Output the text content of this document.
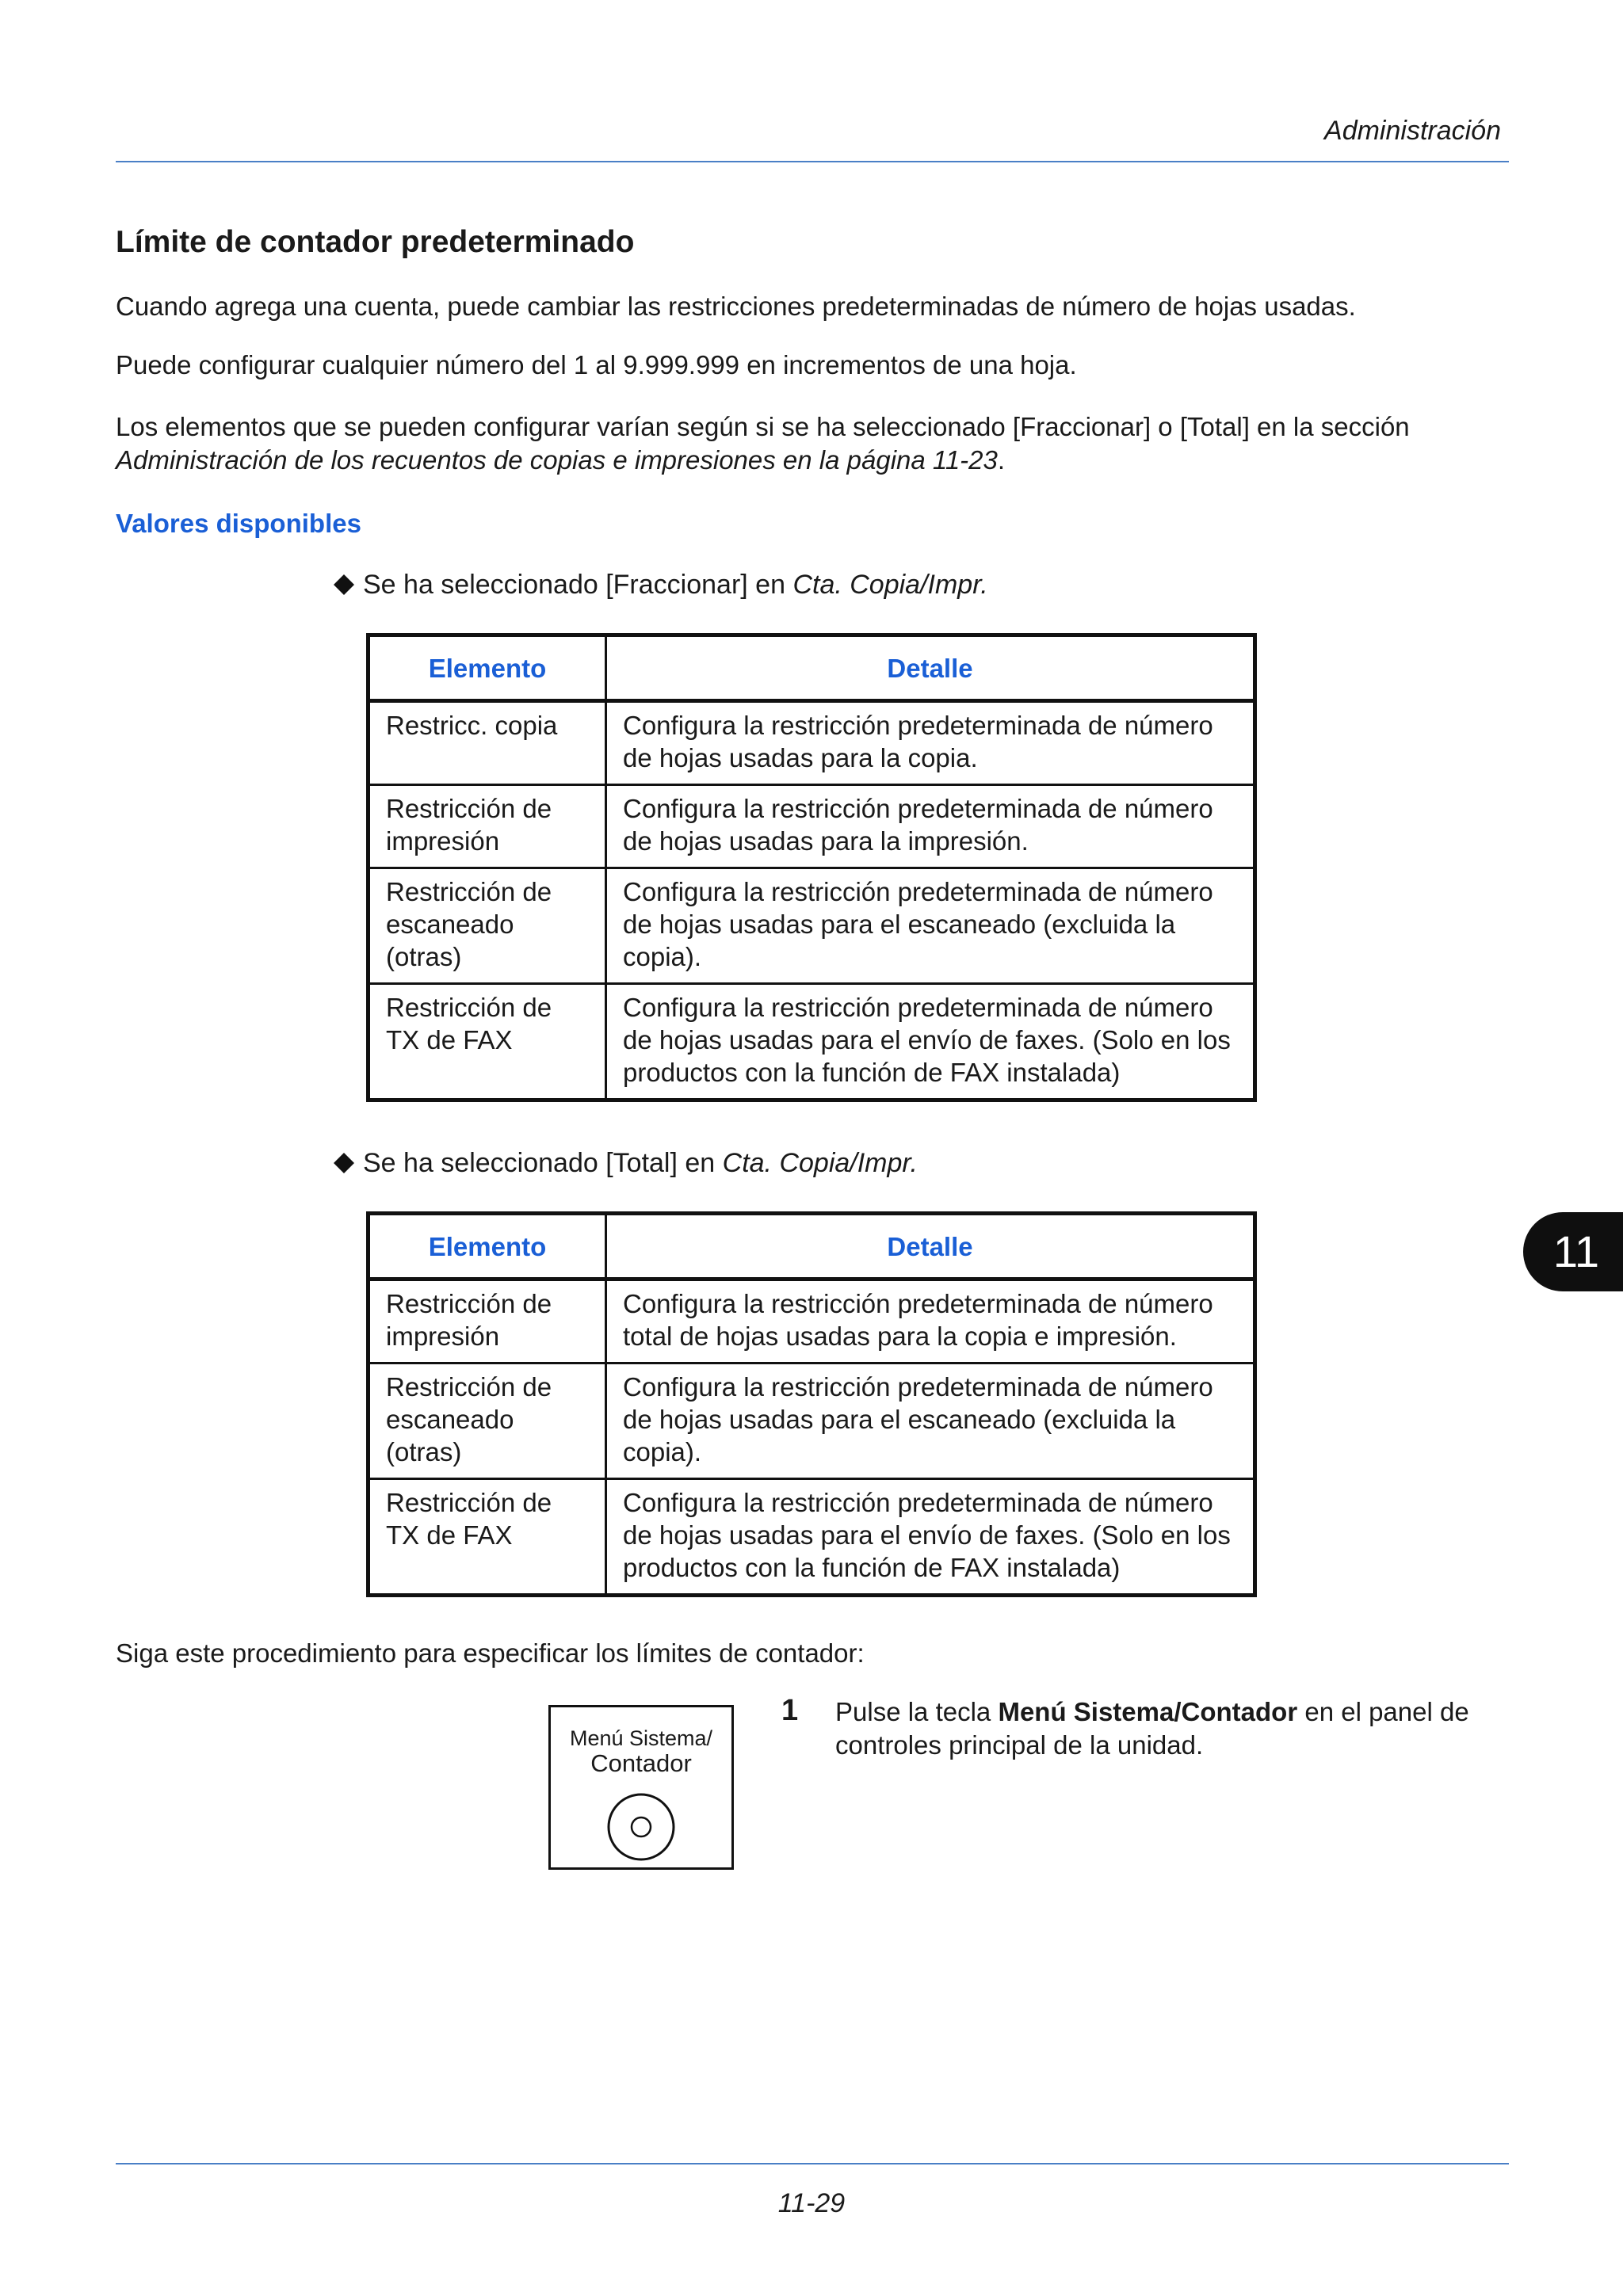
Administración
Límite de contador predeterminado

Cuando agrega una cuenta, puede cambiar las restricciones predeterminadas de número de hojas usadas.

Puede configurar cualquier número del 1 al 9.999.999 en incrementos de una hoja.

Los elementos que se pueden configurar varían según si se ha seleccionado [Fraccionar] o [Total] en la sección Administración de los recuentos de copias e impresiones en la página 11-23.

Valores disponibles
Se ha seleccionado [Fraccionar] en Cta. Copia/Impr.
Elemento	Detalle
Restricc. copia	Configura la restricción predeterminada de número de hojas usadas para la copia.
Restricción de impresión	Configura la restricción predeterminada de número de hojas usadas para la impresión.
Restricción de escaneado (otras)	Configura la restricción predeterminada de número de hojas usadas para el escaneado (excluida la copia).
Restricción de TX de FAX	Configura la restricción predeterminada de número de hojas usadas para el envío de faxes. (Solo en los productos con la función de FAX instalada)
Se ha seleccionado [Total] en Cta. Copia/Impr.
Elemento	Detalle
Restricción de impresión	Configura la restricción predeterminada de número total de hojas usadas para la copia e impresión.
Restricción de escaneado (otras)	Configura la restricción predeterminada de número de hojas usadas para el escaneado (excluida la copia).
Restricción de TX de FAX	Configura la restricción predeterminada de número de hojas usadas para el envío de faxes. (Solo en los productos con la función de FAX instalada)
11

Siga este procedimiento para especificar los límites de contador:

Menú Sistema/
Contador
1 Pulse la tecla Menú Sistema/Contador en el panel de controles principal de la unidad.

11-29
